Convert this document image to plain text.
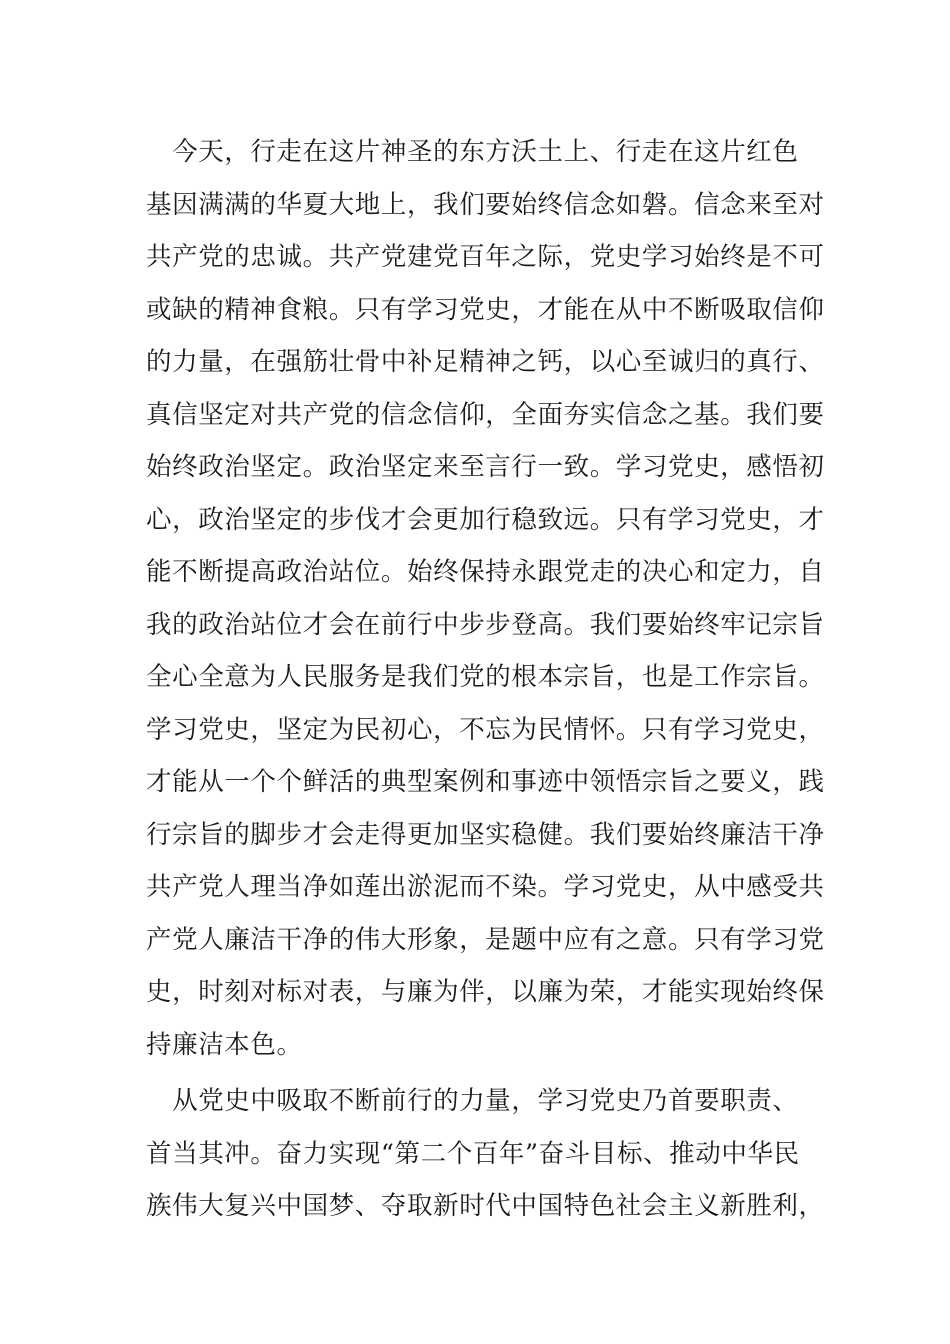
　今天，行走在这片神圣的东方沃土上、行走在这片红色
基因满满的华夏大地上，我们要始终信念如磐。信念来至对
共产党的忠诚。共产党建党百年之际，党史学习始终是不可
或缺的精神食粮。只有学习党史，才能在从中不断吸取信仰
的力量，在强筋壮骨中补足精神之钙，以心至诚归的真行、
真信坚定对共产党的信念信仰，全面夯实信念之基。我们要
始终政治坚定。政治坚定来至言行一致。学习党史，感悟初
心，政治坚定的步伐才会更加行稳致远。只有学习党史，才
能不断提高政治站位。始终保持永跟党走的决心和定力，自
我的政治站位才会在前行中步步登高。我们要始终牢记宗旨
全心全意为人民服务是我们党的根本宗旨，也是工作宗旨。
学习党史，坚定为民初心，不忘为民情怀。只有学习党史，
才能从一个个鲜活的典型案例和事迹中领悟宗旨之要义，践
行宗旨的脚步才会走得更加坚实稳健。我们要始终廉洁干净
共产党人理当净如莲出淤泥而不染。学习党史，从中感受共
产党人廉洁干净的伟大形象，是题中应有之意。只有学习党
史，时刻对标对表，与廉为伴，以廉为荣，才能实现始终保
持廉洁本色。
　从党史中吸取不断前行的力量，学习党史乃首要职责、
首当其冲。奋力实现“第二个百年”奋斗目标、推动中华民
族伟大复兴中国梦、夺取新时代中国特色社会主义新胜利，
